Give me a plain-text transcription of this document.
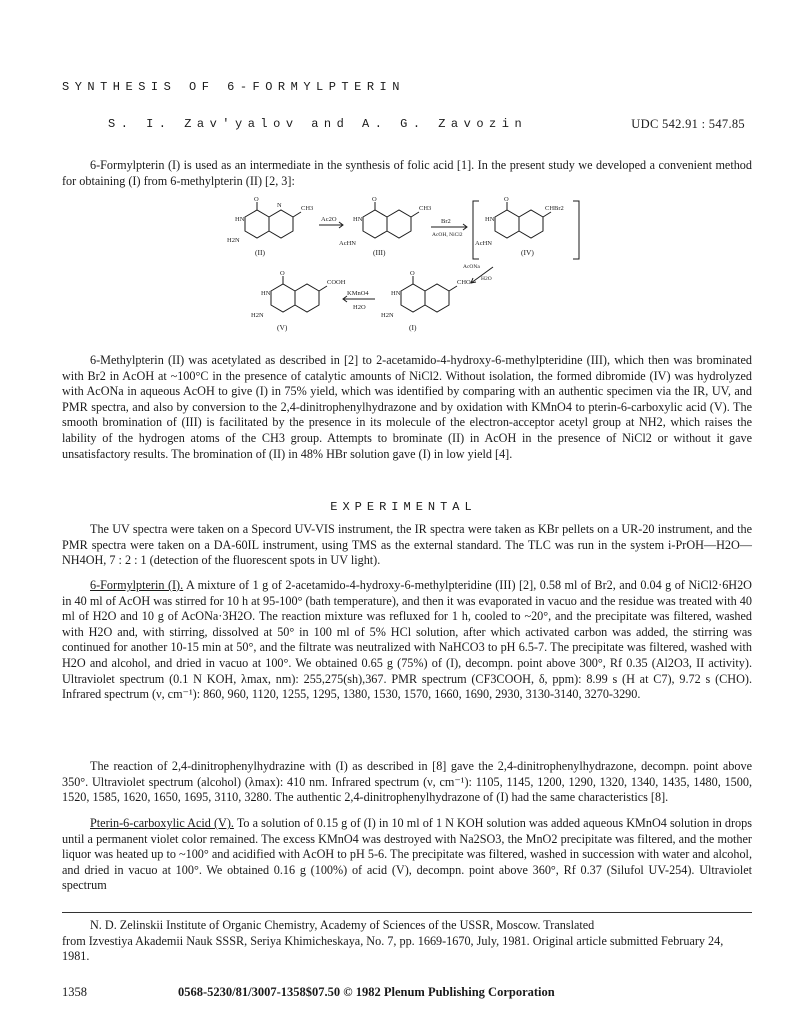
SYNTHESIS OF 6-FORMYLPTERIN
S. I. Zav'yalov and A. G. Zavozin	UDC 542.91 : 547.85

6-Formylpterin (I) is used as an intermediate in the synthesis of folic acid [1]. In the present study we developed a convenient method for obtaining (I) from 6-methylpterin (II) [2, 3]:

O
HN
H2N
CH3
N
(II)
Ac2O
O
HN
AcHN
CH3
(III)
Br2
AcOH, NiCl2
O
HN
AcHN
CHBr2
(IV)
AcONa
H2O
O
HN
H2N
COOH
(V)
KMnO4
H2O
O
HN
H2N
CHO
(I)

6-Methylpterin (II) was acetylated as described in [2] to 2-acetamido-4-hydroxy-6-methylpteridine (III), which then was brominated with Br2 in AcOH at ~100°C in the presence of catalytic amounts of NiCl2. Without isolation, the formed dibromide (IV) was hydrolyzed with AcONa in aqueous AcOH to give (I) in 75% yield, which was identified by comparing with an authentic specimen via the IR, UV, and PMR spectra, and also by conversion to the 2,4-dinitrophenylhydrazone and by oxidation with KMnO4 to pterin-6-carboxylic acid (V). The smooth bromination of (III) is facilitated by the presence in its molecule of the electron-acceptor acetyl group at NH2, which raises the lability of the hydrogen atoms of the CH3 group. Attempts to brominate (II) in AcOH in the presence of NiCl2 or without it gave unsatisfactory results. The bromination of (II) in 48% HBr solution gave (I) in low yield [4].

EXPERIMENTAL

The UV spectra were taken on a Specord UV-VIS instrument, the IR spectra were taken as KBr pellets on a UR-20 instrument, and the PMR spectra were taken on a DA-60IL instrument, using TMS as the external standard. The TLC was run in the system i-PrOH—H2O—NH4OH, 7 : 2 : 1 (detection of the fluorescent spots in UV light).

6-Formylpterin (I). A mixture of 1 g of 2-acetamido-4-hydroxy-6-methylpteridine (III) [2], 0.58 ml of Br2, and 0.04 g of NiCl2·6H2O in 40 ml of AcOH was stirred for 10 h at 95-100° (bath temperature), and then it was evaporated in vacuo and the residue was treated with 40 ml of H2O and 10 g of AcONa·3H2O. The reaction mixture was refluxed for 1 h, cooled to ~20°, and the precipitate was filtered, washed with H2O and, with stirring, dissolved at 50° in 100 ml of 5% HCl solution, after which activated carbon was added, the stirring was continued for another 10-15 min at 50°, and the filtrate was neutralized with NaHCO3 to pH 6.5-7. The precipitate was filtered, washed with H2O and alcohol, and dried in vacuo at 100°. We obtained 0.65 g (75%) of (I), decompn. point above 300°, Rf 0.35 (Al2O3, II activity). Ultraviolet spectrum (0.1 N KOH, λmax, nm): 255,275(sh),367. PMR spectrum (CF3COOH, δ, ppm): 8.99 s (H at C7), 9.72 s (CHO). Infrared spectrum (ν, cm⁻¹): 860, 960, 1120, 1255, 1295, 1380, 1530, 1570, 1660, 1690, 2930, 3130-3140, 3270-3290.

The reaction of 2,4-dinitrophenylhydrazine with (I) as described in [8] gave the 2,4-dinitrophenylhydrazone, decompn. point above 350°. Ultraviolet spectrum (alcohol) (λmax): 410 nm. Infrared spectrum (ν, cm⁻¹): 1105, 1145, 1200, 1290, 1320, 1340, 1435, 1480, 1500, 1520, 1585, 1620, 1650, 1695, 3110, 3280. The authentic 2,4-dinitrophenylhydrazone of (I) had the same characteristics [8].

Pterin-6-carboxylic Acid (V). To a solution of 0.15 g of (I) in 10 ml of 1 N KOH solution was added aqueous KMnO4 solution in drops until a permanent violet color remained. The excess KMnO4 was destroyed with Na2SO3, the MnO2 precipitate was filtered, and the mother liquor was heated up to ~100° and acidified with AcOH to pH 5-6. The precipitate was filtered, washed in succession with water and alcohol, and dried in vacuo at 100°. We obtained 0.16 g (100%) of acid (V), decompn. point above 360°, Rf 0.37 (Silufol UV-254). Ultraviolet spectrum

N. D. Zelinskii Institute of Organic Chemistry, Academy of Sciences of the USSR, Moscow. Translated
from Izvestiya Akademii Nauk SSSR, Seriya Khimicheskaya, No. 7, pp. 1669-1670, July, 1981. Original article submitted February 24, 1981.

1358	0568-5230/81/3007-1358$07.50 © 1982 Plenum Publishing Corporation
